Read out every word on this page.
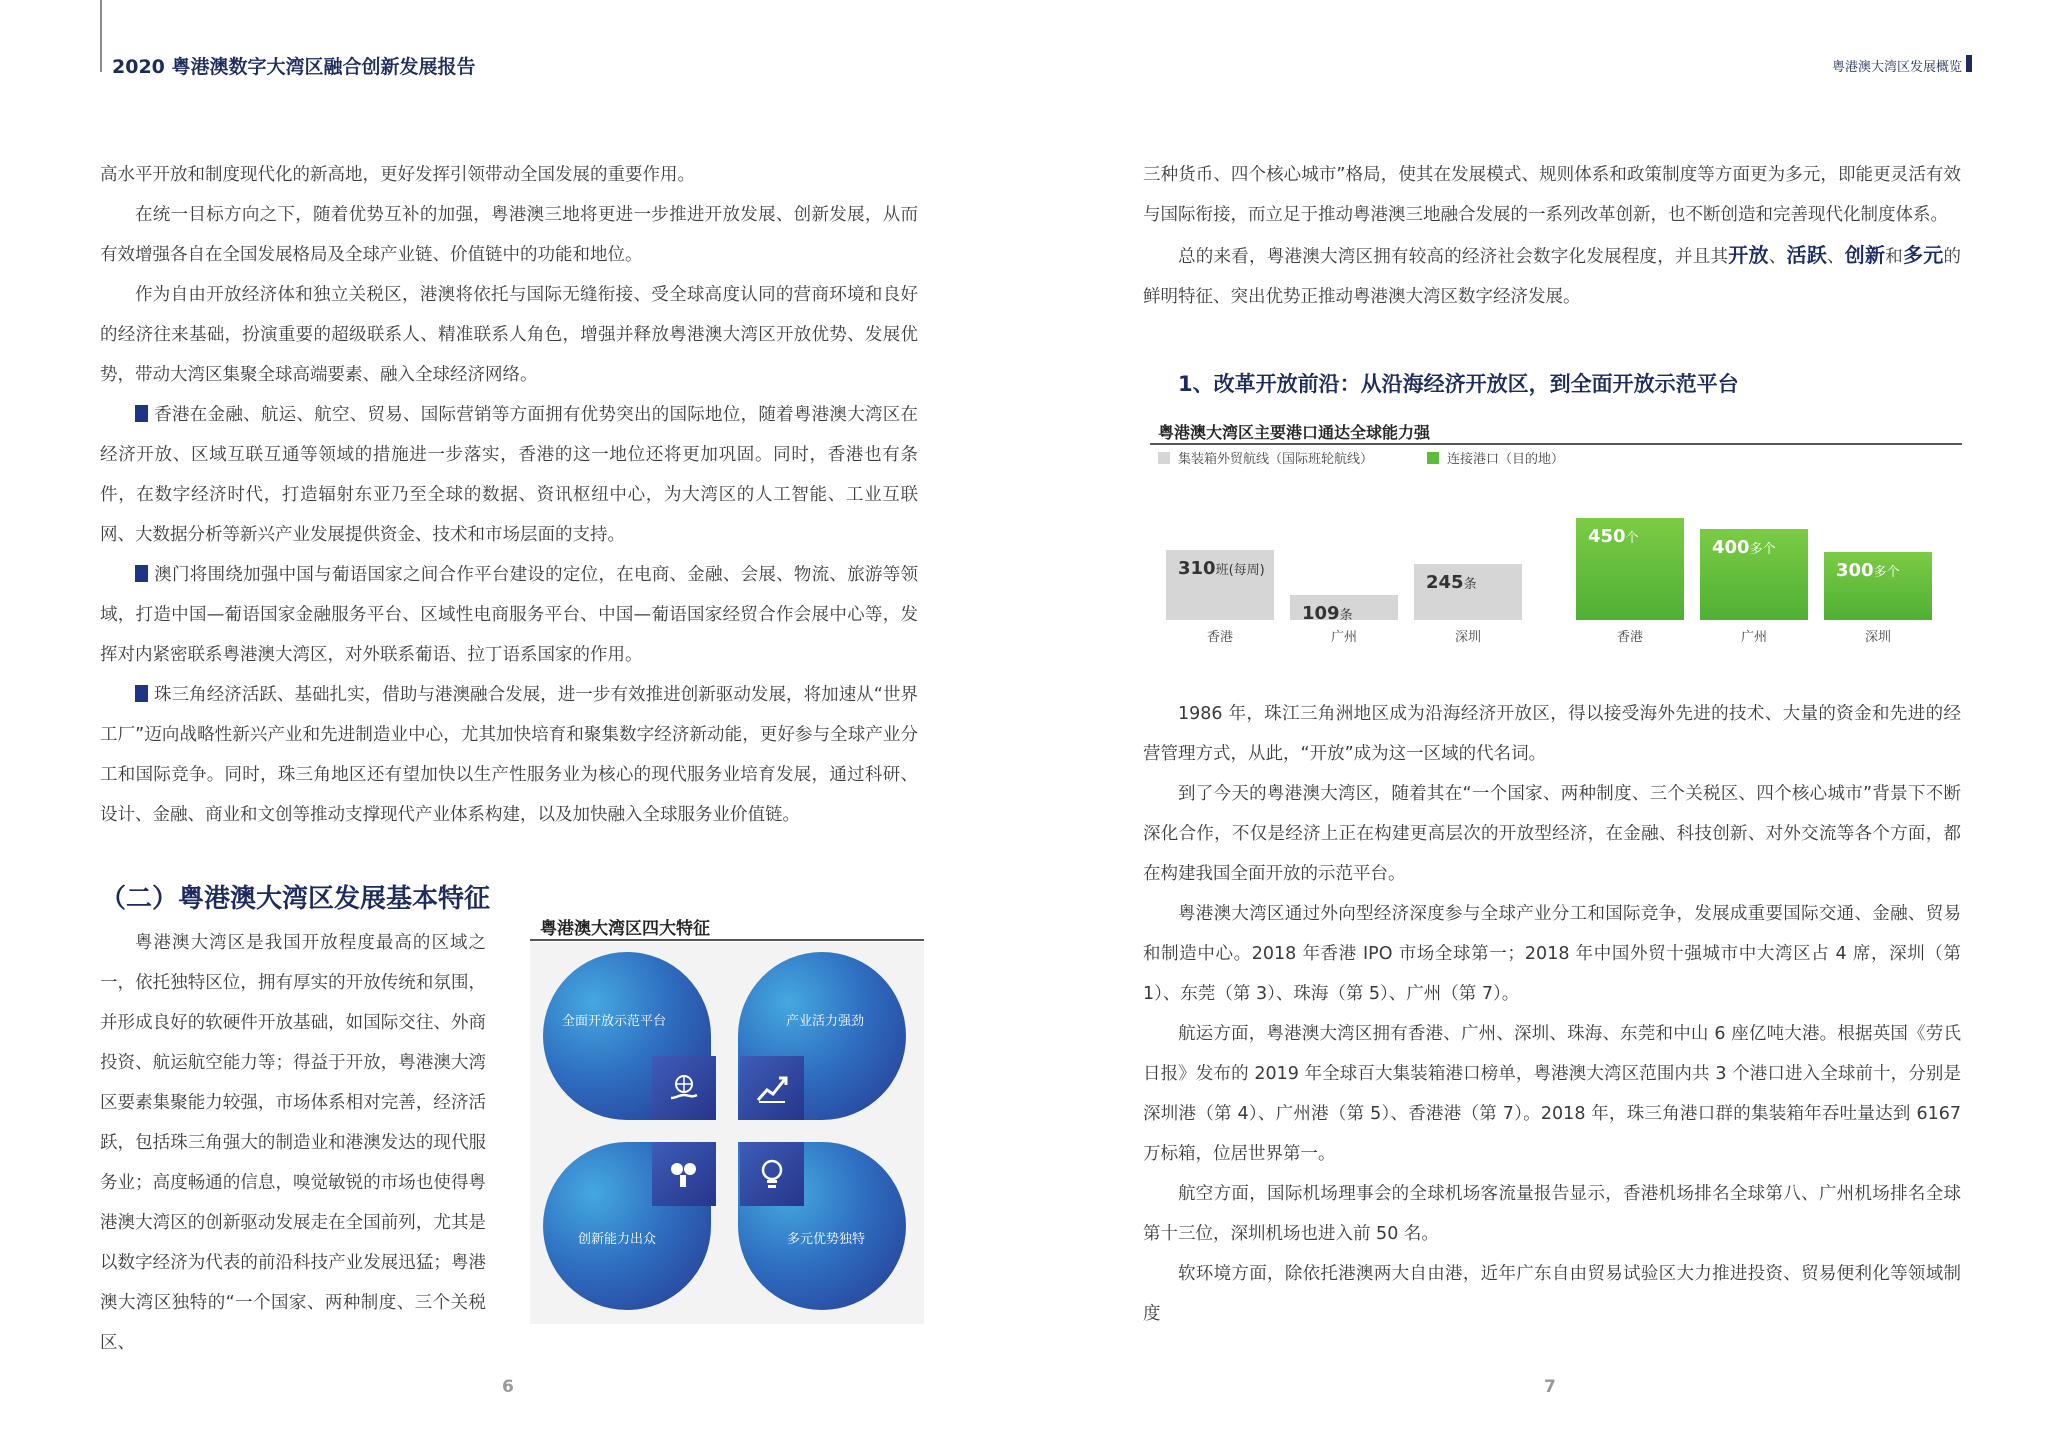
2020 粤港澳数字大湾区融合创新发展报告	粤港澳大湾区发展概览
高水平开放和制度现代化的新高地，更好发挥引领带动全国发展的重要作用。
在统一目标方向之下，随着优势互补的加强，粤港澳三地将更进一步推进开放发展、创新发展，从而有效增强各自在全国发展格局及全球产业链、价值链中的功能和地位。
作为自由开放经济体和独立关税区，港澳将依托与国际无缝衔接、受全球高度认同的营商环境和良好的经济往来基础，扮演重要的超级联系人、精准联系人角色，增强并释放粤港澳大湾区开放优势、发展优势，带动大湾区集聚全球高端要素、融入全球经济网络。
香港在金融、航运、航空、贸易、国际营销等方面拥有优势突出的国际地位，随着粤港澳大湾区在经济开放、区域互联互通等领域的措施进一步落实，香港的这一地位还将更加巩固。同时，香港也有条件，在数字经济时代，打造辐射东亚乃至全球的数据、资讯枢纽中心，为大湾区的人工智能、工业互联网、大数据分析等新兴产业发展提供资金、技术和市场层面的支持。
澳门将围绕加强中国与葡语国家之间合作平台建设的定位，在电商、金融、会展、物流、旅游等领域，打造中国—葡语国家金融服务平台、区域性电商服务平台、中国—葡语国家经贸合作会展中心等，发挥对内紧密联系粤港澳大湾区，对外联系葡语、拉丁语系国家的作用。
珠三角经济活跃、基础扎实，借助与港澳融合发展，进一步有效推进创新驱动发展，将加速从“世界工厂”迈向战略性新兴产业和先进制造业中心，尤其加快培育和聚集数字经济新动能，更好参与全球产业分工和国际竞争。同时，珠三角地区还有望加快以生产性服务业为核心的现代服务业培育发展，通过科研、设计、金融、商业和文创等推动支撑现代产业体系构建，以及加快融入全球服务业价值链。
（二）粤港澳大湾区发展基本特征
粤港澳大湾区是我国开放程度最高的区域之一，依托独特区位，拥有厚实的开放传统和氛围，并形成良好的软硬件开放基础，如国际交往、外商投资、航运航空能力等；得益于开放，粤港澳大湾区要素集聚能力较强，市场体系相对完善，经济活跃，包括珠三角强大的制造业和港澳发达的现代服务业；高度畅通的信息，嗅觉敏锐的市场也使得粤港澳大湾区的创新驱动发展走在全国前列，尤其是以数字经济为代表的前沿科技产业发展迅猛；粤港澳大湾区独特的“一个国家、两种制度、三个关税区、
粤港澳大湾区四大特征
全面开放示范平台	产业活力强劲
创新能力出众	多元优势独特
6
三种货币、四个核心城市”格局，使其在发展模式、规则体系和政策制度等方面更为多元，即能更灵活有效与国际衔接，而立足于推动粤港澳三地融合发展的一系列改革创新，也不断创造和完善现代化制度体系。
总的来看，粤港澳大湾区拥有较高的经济社会数字化发展程度，并且其开放、活跃、创新和多元的鲜明特征、突出优势正推动粤港澳大湾区数字经济发展。
1、改革开放前沿：从沿海经济开放区，到全面开放示范平台
粤港澳大湾区主要港口通达全球能力强
集装箱外贸航线（国际班轮航线）	连接港口（目的地）
310班(每周)
香港
109条
广州
245条
深圳
450个
香港
400多个
广州
300多个
深圳
1986 年，珠江三角洲地区成为沿海经济开放区，得以接受海外先进的技术、大量的资金和先进的经营管理方式，从此，“开放”成为这一区域的代名词。
到了今天的粤港澳大湾区，随着其在“一个国家、两种制度、三个关税区、四个核心城市”背景下不断深化合作，不仅是经济上正在构建更高层次的开放型经济，在金融、科技创新、对外交流等各个方面，都在构建我国全面开放的示范平台。
粤港澳大湾区通过外向型经济深度参与全球产业分工和国际竞争，发展成重要国际交通、金融、贸易和制造中心。2018 年香港 IPO 市场全球第一；2018 年中国外贸十强城市中大湾区占 4 席，深圳（第 1）、东莞（第 3）、珠海（第 5）、广州（第 7）。
航运方面，粤港澳大湾区拥有香港、广州、深圳、珠海、东莞和中山 6 座亿吨大港。根据英国《劳氏日报》发布的 2019 年全球百大集装箱港口榜单，粤港澳大湾区范围内共 3 个港口进入全球前十，分别是深圳港（第 4）、广州港（第 5）、香港港（第 7）。2018 年，珠三角港口群的集装箱年吞吐量达到 6167 万标箱，位居世界第一。
航空方面，国际机场理事会的全球机场客流量报告显示，香港机场排名全球第八、广州机场排名全球第十三位，深圳机场也进入前 50 名。
软环境方面，除依托港澳两大自由港，近年广东自由贸易试验区大力推进投资、贸易便利化等领域制度
7
